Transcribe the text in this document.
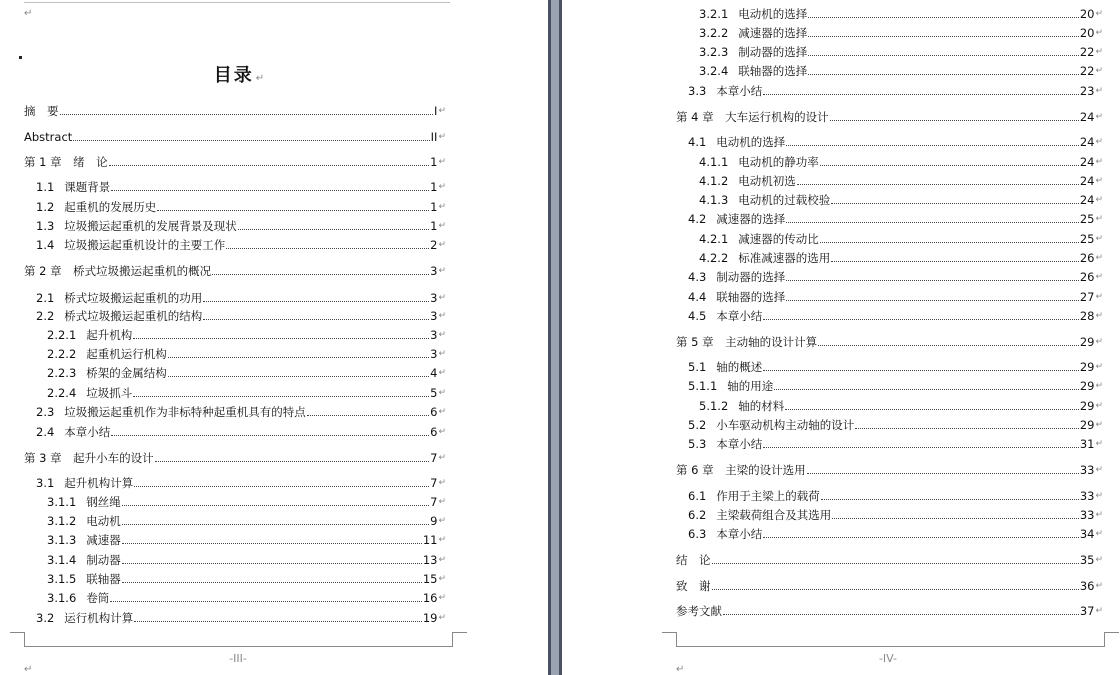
↵
目录 ↵
摘　要	I ↵
Abstract	II ↵
第 1 章　绪　论	1 ↵
1.1 课题背景	1 ↵
1.2 起重机的发展历史	1 ↵
1.3 垃圾搬运起重机的发展背景及现状	1 ↵
1.4 垃圾搬运起重机设计的主要工作	2 ↵
第 2 章　桥式垃圾搬运起重机的概况	3 ↵
2.1 桥式垃圾搬运起重机的功用	3 ↵
2.2 桥式垃圾搬运起重机的结构	3 ↵
2.2.1 起升机构	3 ↵
2.2.2 起重机运行机构	3 ↵
2.2.3 桥架的金属结构	4 ↵
2.2.4 垃圾抓斗	5 ↵
2.3 垃圾搬运起重机作为非标特种起重机具有的特点	6 ↵
2.4 本章小结	6 ↵
第 3 章　起升小车的设计	7 ↵
3.1 起升机构计算	7 ↵
3.1.1 钢丝绳	7 ↵
3.1.2 电动机	9 ↵
3.1.3 减速器	11 ↵
3.1.4 制动器	13 ↵
3.1.5 联轴器	15 ↵
3.1.6 卷筒	16 ↵
3.2 运行机构计算	19 ↵
-III-
↵
3.2.1 电动机的选择	20 ↵
3.2.2 减速器的选择	20 ↵
3.2.3 制动器的选择	22 ↵
3.2.4 联轴器的选择	22 ↵
3.3 本章小结	23 ↵
第 4 章　大车运行机构的设计	24 ↵
4.1 电动机的选择	24 ↵
4.1.1 电动机的静功率	24 ↵
4.1.2 电动机初选	24 ↵
4.1.3 电动机的过载校验	24 ↵
4.2 减速器的选择	25 ↵
4.2.1 减速器的传动比	25 ↵
4.2.2 标准减速器的选用	26 ↵
4.3 制动器的选择	26 ↵
4.4 联轴器的选择	27 ↵
4.5 本章小结	28 ↵
第 5 章　主动轴的设计计算	29 ↵
5.1 轴的概述	29 ↵
5.1.1 轴的用途	29 ↵
5.1.2 轴的材料	29 ↵
5.2 小车驱动机构主动轴的设计	29 ↵
5.3 本章小结	31 ↵
第 6 章　主梁的设计选用	33 ↵
6.1 作用于主梁上的载荷	33 ↵
6.2 主梁载荷组合及其选用	33 ↵
6.3 本章小结	34 ↵
结　论	35 ↵
致　谢	36 ↵
参考文献	37 ↵
-IV-
↵
